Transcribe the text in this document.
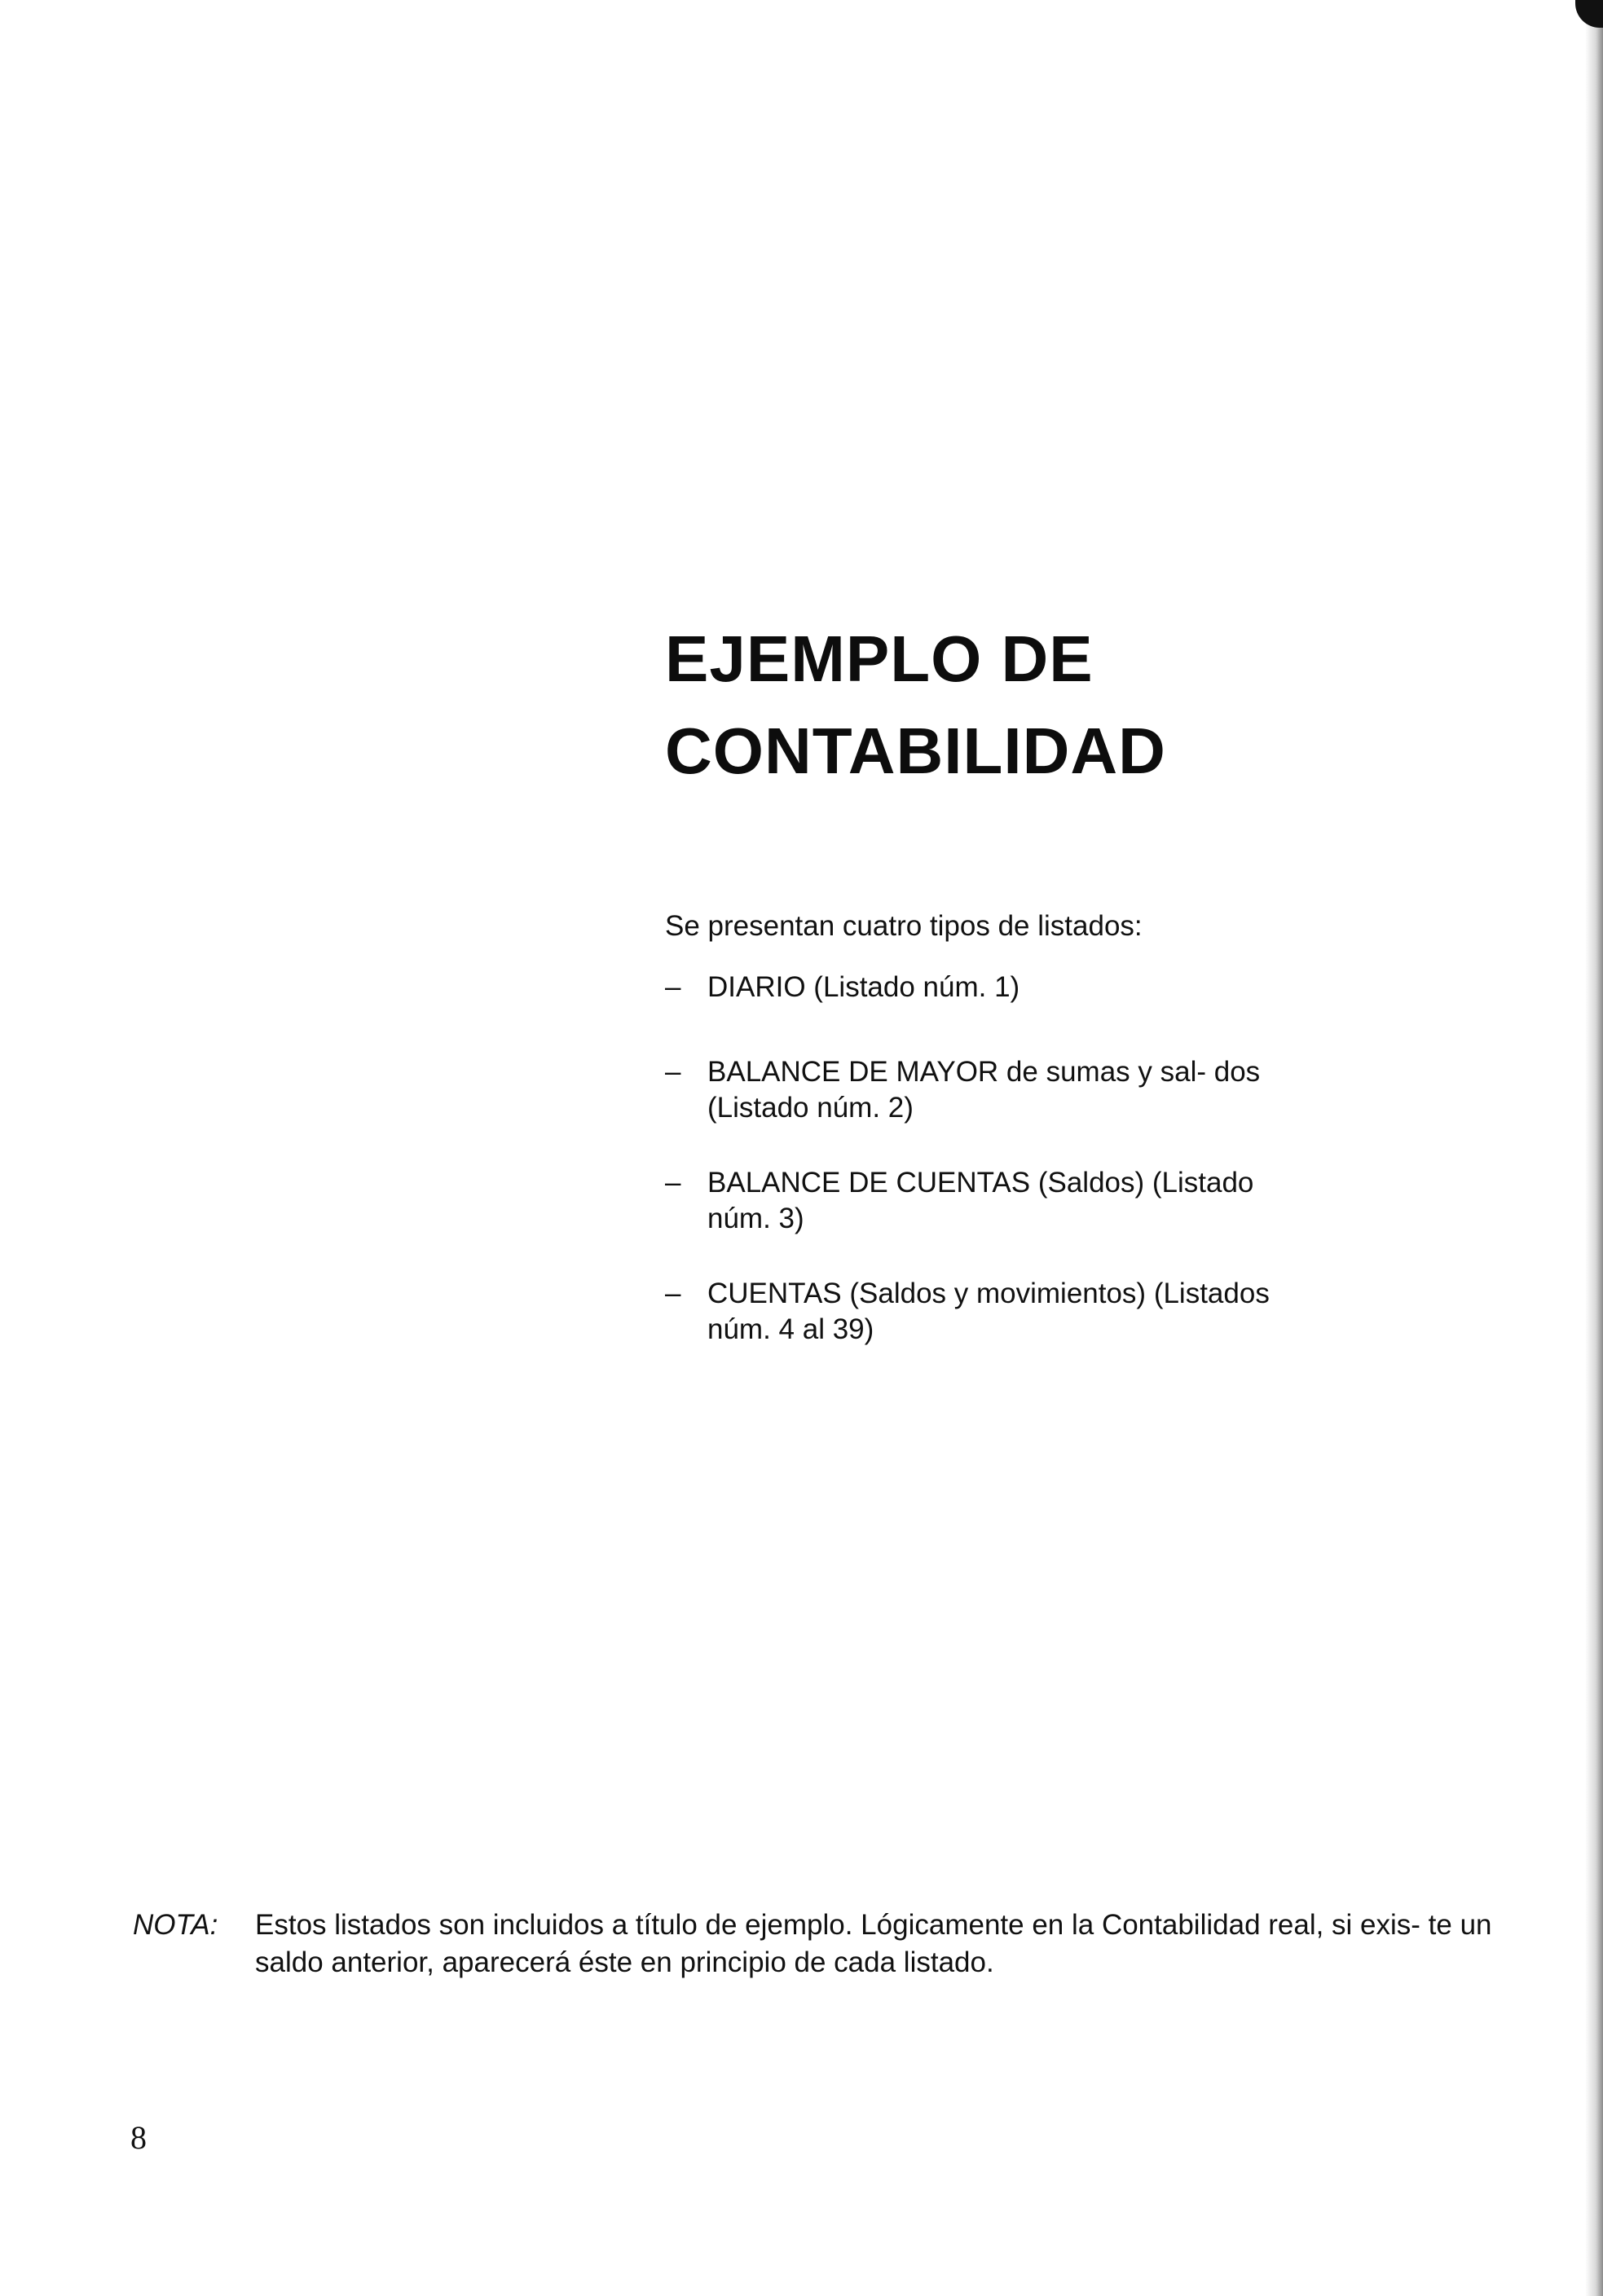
EJEMPLO DE
CONTABILIDAD

Se presentan cuatro tipos de listados:

– DIARIO (Listado núm. 1)
– BALANCE DE MAYOR de sumas y sal- dos (Listado núm. 2)
– BALANCE DE CUENTAS (Saldos) (Listado núm. 3)
– CUENTAS (Saldos y movimientos) (Listados núm. 4 al 39)
NOTA: Estos listados son incluidos a título de ejemplo. Lógicamente en la Contabilidad real, si exis- te un saldo anterior, aparecerá éste en principio de cada listado.
8
